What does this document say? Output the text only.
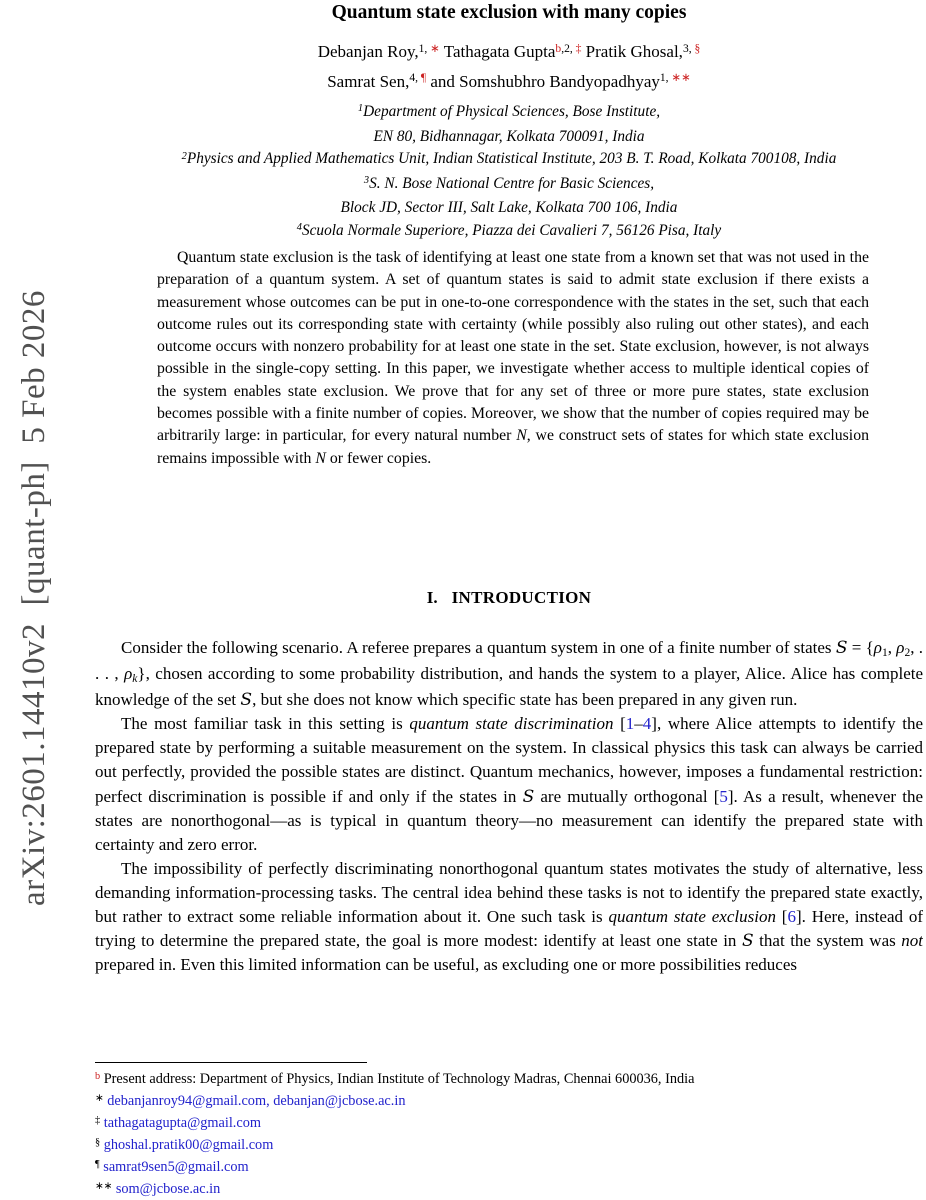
arXiv:2601.14410v2  [quant-ph]  5 Feb 2026
Quantum state exclusion with many copies
Debanjan Roy,$^{1,}$ ∗ Tathagata Gupta$^{b,2,}$ ‡ Pratik Ghosal,$^{3,}$ §
Samrat Sen,$^{4,}$ ¶ and Somshubhro Bandyopadhyay$^{1,}$ ∗∗
$^1$Department of Physical Sciences, Bose Institute,
EN 80, Bidhannagar, Kolkata 700091, India
$^2$Physics and Applied Mathematics Unit, Indian Statistical Institute, 203 B. T. Road, Kolkata 700108, India
$^3$S. N. Bose National Centre for Basic Sciences,
Block JD, Sector III, Salt Lake, Kolkata 700 106, India
$^4$Scuola Normale Superiore, Piazza dei Cavalieri 7, 56126 Pisa, Italy
Quantum state exclusion is the task of identifying at least one state from a known set that was not used in the preparation of a quantum system. A set of quantum states is said to admit state exclusion if there exists a measurement whose outcomes can be put in one-to-one correspondence with the states in the set, such that each outcome rules out its corresponding state with certainty (while possibly also ruling out other states), and each outcome occurs with nonzero probability for at least one state in the set. State exclusion, however, is not always possible in the single-copy setting. In this paper, we investigate whether access to multiple identical copies of the system enables state exclusion. We prove that for any set of three or more pure states, state exclusion becomes possible with a finite number of copies. Moreover, we show that the number of copies required may be arbitrarily large: in particular, for every natural number N, we construct sets of states for which state exclusion remains impossible with N or fewer copies.
I. INTRODUCTION

Consider the following scenario. A referee prepares a quantum system in one of a finite number of states S = {ρ1, ρ2, . . . , ρk}, chosen according to some probability distribution, and hands the system to a player, Alice. Alice has complete knowledge of the set S, but she does not know which specific state has been prepared in any given run.

The most familiar task in this setting is quantum state discrimination [1–4], where Alice attempts to identify the prepared state by performing a suitable measurement on the system. In classical physics this task can always be carried out perfectly, provided the possible states are distinct. Quantum mechanics, however, imposes a fundamental restriction: perfect discrimination is possible if and only if the states in S are mutually orthogonal [5]. As a result, whenever the states are nonorthogonal—as is typical in quantum theory—no measurement can identify the prepared state with certainty and zero error.

The impossibility of perfectly discriminating nonorthogonal quantum states motivates the study of alternative, less demanding information-processing tasks. The central idea behind these tasks is not to identify the prepared state exactly, but rather to extract some reliable information about it. One such task is quantum state exclusion [6]. Here, instead of trying to determine the prepared state, the goal is more modest: identify at least one state in S that the system was not prepared in. Even this limited information can be useful, as excluding one or more possibilities reduces

$^b$ Present address: Department of Physics, Indian Institute of Technology Madras, Chennai 600036, India
∗ debanjanroy94@gmail.com, debanjan@jcbose.ac.in
‡ tathagatagupta@gmail.com
§ ghoshal.pratik00@gmail.com
¶ samrat9sen5@gmail.com
∗∗ som@jcbose.ac.in
